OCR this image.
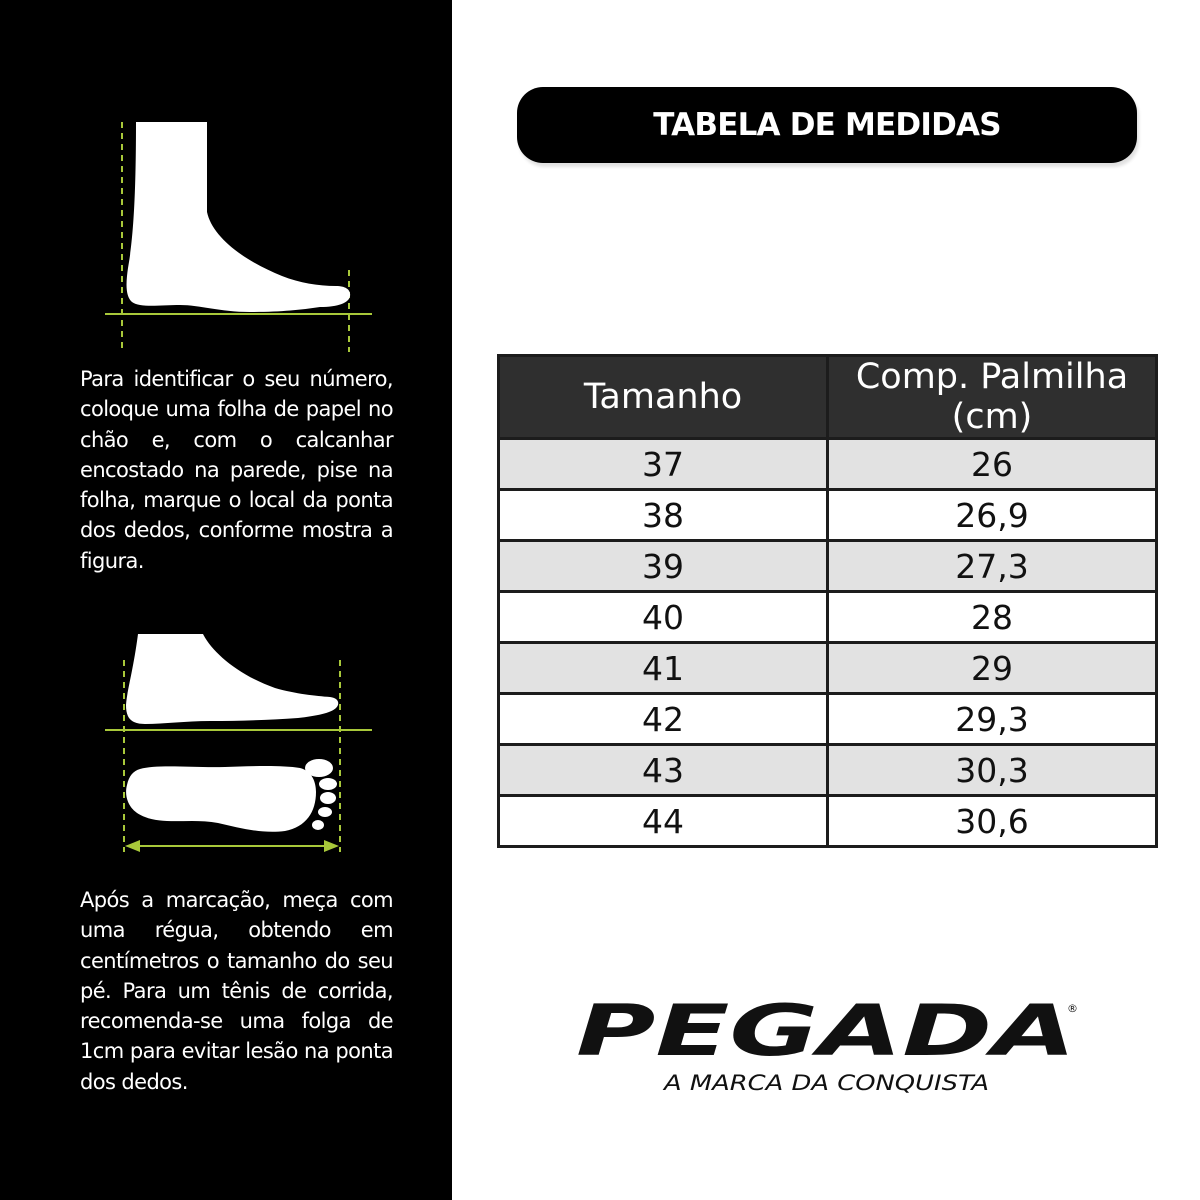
Para identificar o seu número, coloque uma folha de papel no chão e, com o calcanhar encostado na parede, pise na folha, marque o local da ponta dos dedos, conforme mostra a figura.

Após a marcação, meça com uma régua, obtendo em centímetros o tamanho do seu pé. Para um tênis de corrida, recomenda-se uma folga de 1cm para evitar lesão na ponta dos dedos.

TABELA DE MEDIDAS
Tamanho	Comp. Palmilha (cm)
37	26
38	26,9
39	27,3
40	28
41	29
42	29,3
43	30,3
44	30,6
PEGADA
®
A MARCA DA CONQUISTA
